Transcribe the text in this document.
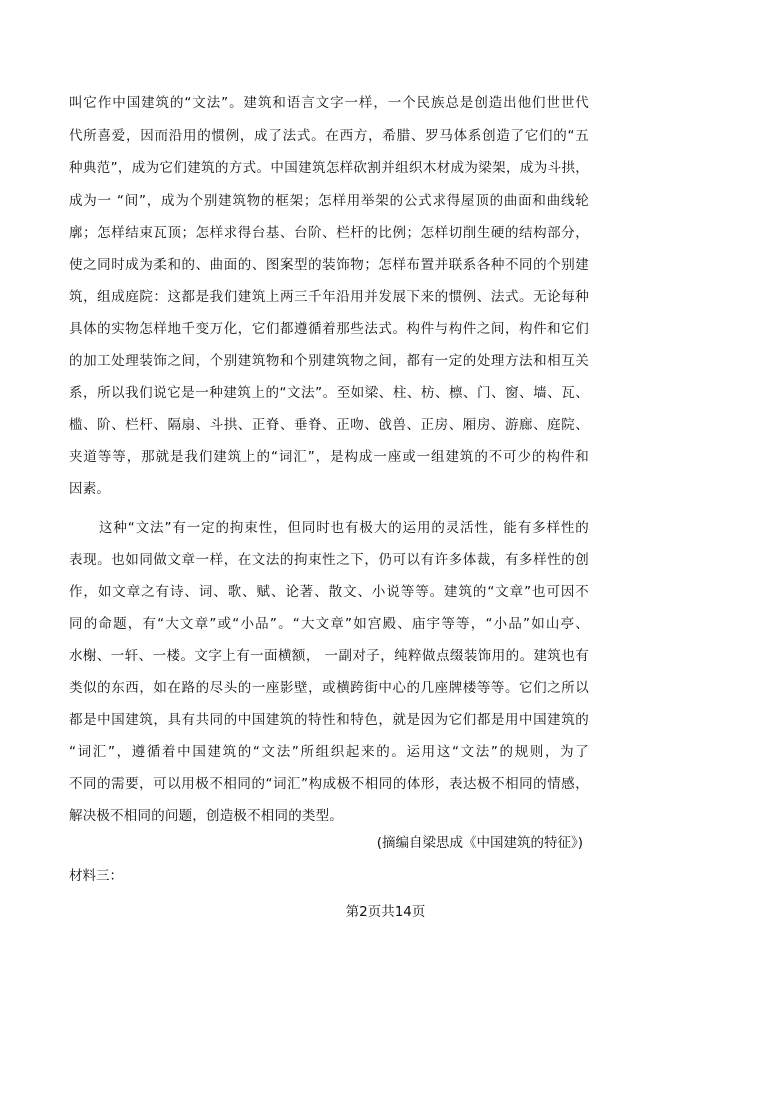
叫它作中国建筑的“文法”。建筑和语言文字一样，一个民族总是创造出他们世世代
代所喜爱，因而沿用的惯例，成了法式。在西方，希腊、罗马体系创造了它们的“五
种典范”，成为它们建筑的方式。中国建筑怎样砍割并组织木材成为梁架，成为斗拱，
成为一 “间”，成为个别建筑物的框架；怎样用举架的公式求得屋顶的曲面和曲线轮
廓；怎样结束瓦顶；怎样求得台基、台阶、栏杆的比例；怎样切削生硬的结构部分，
使之同时成为柔和的、曲面的、图案型的装饰物；怎样布置并联系各种不同的个别建
筑，组成庭院：这都是我们建筑上两三千年沿用并发展下来的惯例、法式。无论每种
具体的实物怎样地千变万化，它们都遵循着那些法式。构件与构件之间，构件和它们
的加工处理装饰之间，个别建筑物和个别建筑物之间，都有一定的处理方法和相互关
系，所以我们说它是一种建筑上的“文法”。至如梁、柱、枋、檩、门、窗、墙、瓦、
槛、阶、栏杆、隔扇、斗拱、正脊、垂脊、正吻、戗兽、正房、厢房、游廊、庭院、
夹道等等，那就是我们建筑上的“词汇”，是构成一座或一组建筑的不可少的构件和
因素。
这种“文法”有一定的拘束性，但同时也有极大的运用的灵活性，能有多样性的
表现。也如同做文章一样，在文法的拘束性之下，仍可以有许多体裁，有多样性的创
作，如文章之有诗、词、歌、赋、论著、散文、小说等等。建筑的“文章”也可因不
同的命题，有“大文章”或“小品”。“大文章”如宫殿、庙宇等等，“小品”如山亭、
水榭、一轩、一楼。文字上有一面横额， 一副对子，纯粹做点缀装饰用的。建筑也有
类似的东西，如在路的尽头的一座影壁，或横跨街中心的几座牌楼等等。它们之所以
都是中国建筑，具有共同的中国建筑的特性和特色，就是因为它们都是用中国建筑的
“词汇”，遵循着中国建筑的“文法”所组织起来的。运用这“文法”的规则，为了
不同的需要，可以用极不相同的“词汇”构成极不相同的体形，表达极不相同的情感，
解决极不相同的问题，创造极不相同的类型。
(摘编自梁思成《中国建筑的特征》)
材料三：
第2页共14页
